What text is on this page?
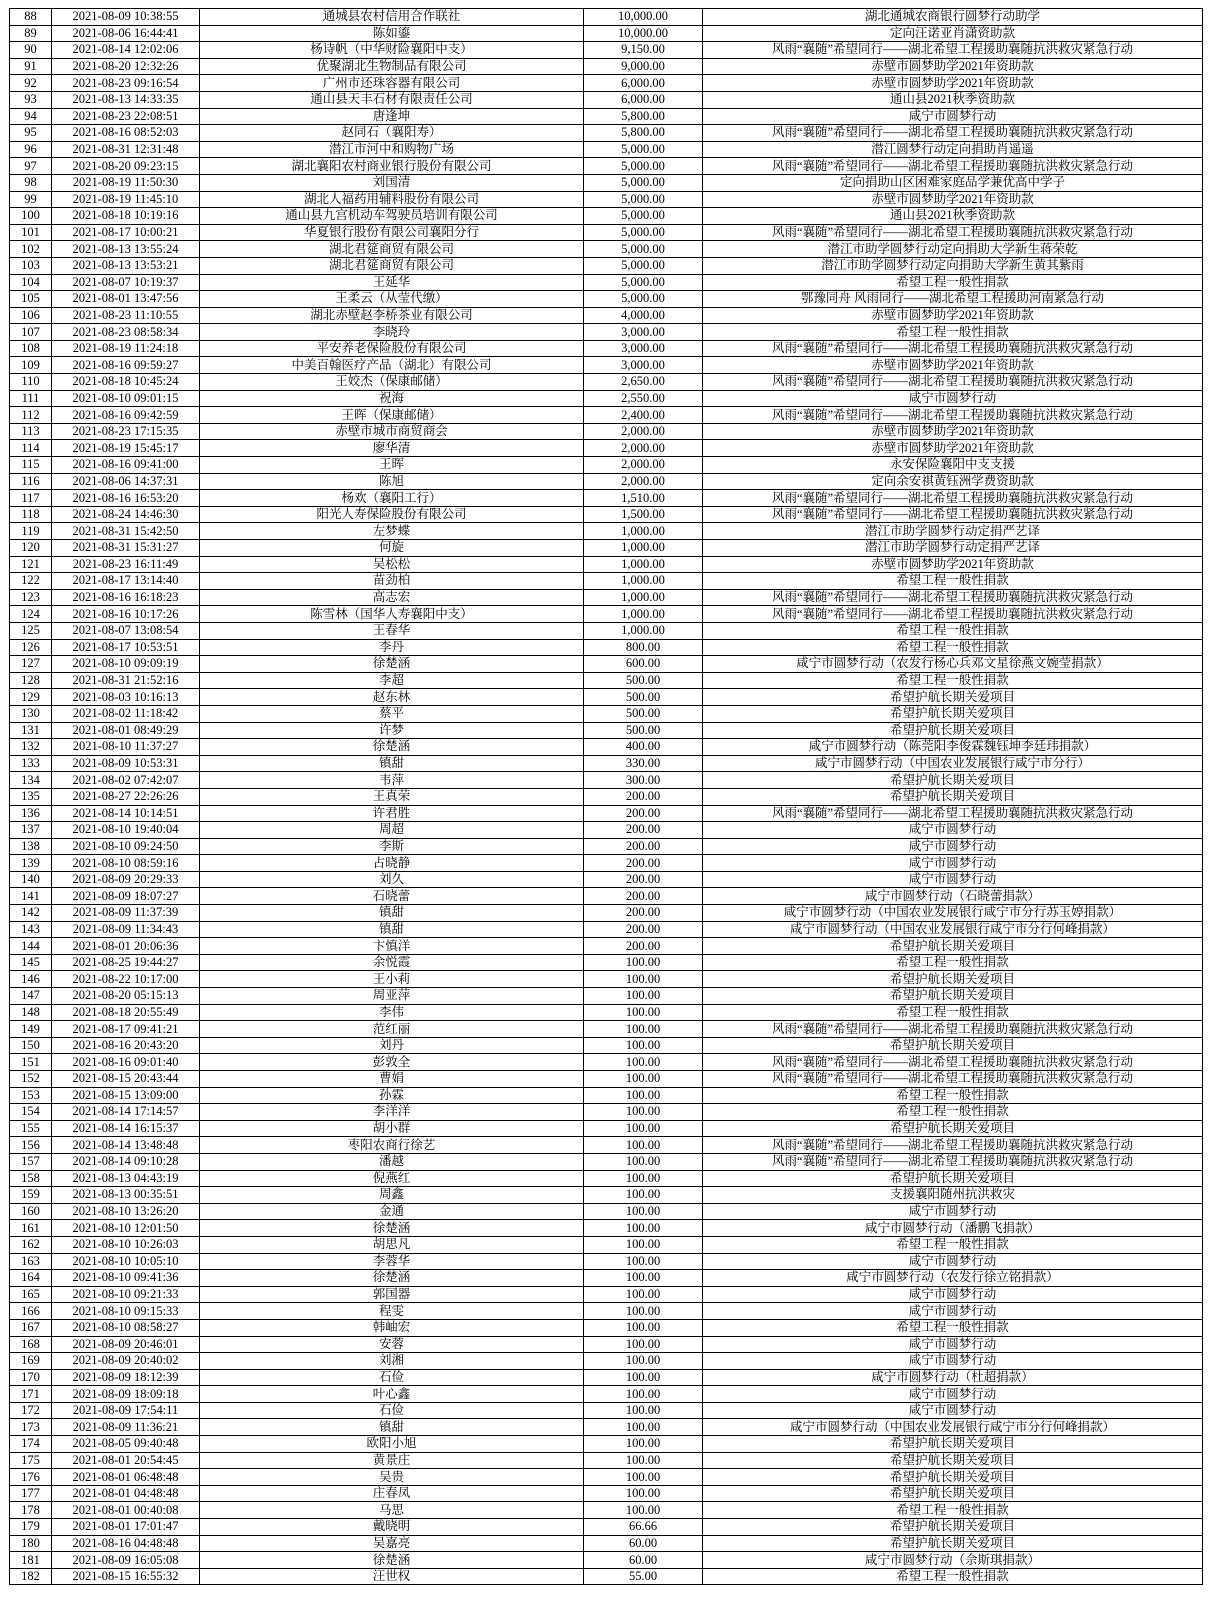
88	2021-08-09 10:38:55	通城县农村信用合作联社	10,000.00	湖北通城农商银行圆梦行动助学
89	2021-08-06 16:44:41	陈如鎏	10,000.00	定向汪诺亚肖潇资助款
90	2021-08-14 12:02:06	杨诗帆（中华财险襄阳中支）	9,150.00	风雨“襄随”希望同行——湖北希望工程援助襄随抗洪救灾紧急行动
91	2021-08-20 12:32:26	优聚湖北生物制品有限公司	9,000.00	赤壁市圆梦助学2021年资助款
92	2021-08-23 09:16:54	广州市还珠容器有限公司	6,000.00	赤壁市圆梦助学2021年资助款
93	2021-08-13 14:33:35	通山县天丰石材有限责任公司	6,000.00	通山县2021秋季资助款
94	2021-08-23 22:08:51	唐逢坤	5,800.00	咸宁市圆梦行动
95	2021-08-16 08:52:03	赵同石（襄阳寿）	5,800.00	风雨“襄随”希望同行——湖北希望工程援助襄随抗洪救灾紧急行动
96	2021-08-31 12:31:48	潜江市河中和购物广场	5,000.00	潜江圆梦行动定向捐助肖遥遥
97	2021-08-20 09:23:15	湖北襄阳农村商业银行股份有限公司	5,000.00	风雨“襄随”希望同行——湖北希望工程援助襄随抗洪救灾紧急行动
98	2021-08-19 11:50:30	刘国清	5,000.00	定向捐助山区困难家庭品学兼优高中学子
99	2021-08-19 11:45:10	湖北人福药用辅料股份有限公司	5,000.00	赤壁市圆梦助学2021年资助款
100	2021-08-18 10:19:16	通山县九宫机动车驾驶员培训有限公司	5,000.00	通山县2021秋季资助款
101	2021-08-17 10:00:21	华夏银行股份有限公司襄阳分行	5,000.00	风雨“襄随”希望同行——湖北希望工程援助襄随抗洪救灾紧急行动
102	2021-08-13 13:55:24	湖北君筵商贸有限公司	5,000.00	潜江市助学圆梦行动定向捐助大学新生蒋荣乾
103	2021-08-13 13:53:21	湖北君筵商贸有限公司	5,000.00	潜江市助学圆梦行动定向捐助大学新生黄其紫雨
104	2021-08-07 10:19:37	王延华	5,000.00	希望工程一般性捐款
105	2021-08-01 13:47:56	王柔云（从莹代缴）	5,000.00	鄂豫同舟 风雨同行——湖北希望工程援助河南紧急行动
106	2021-08-23 11:10:55	湖北赤壁赵李桥茶业有限公司	4,000.00	赤壁市圆梦助学2021年资助款
107	2021-08-23 08:58:34	李晓玲	3,000.00	希望工程一般性捐款
108	2021-08-19 11:24:18	平安养老保险股份有限公司	3,000.00	风雨“襄随”希望同行——湖北希望工程援助襄随抗洪救灾紧急行动
109	2021-08-16 09:59:27	中美百翰医疗产品（湖北）有限公司	3,000.00	赤壁市圆梦助学2021年资助款
110	2021-08-18 10:45:24	王姣杰（保康邮储）	2,650.00	风雨“襄随”希望同行——湖北希望工程援助襄随抗洪救灾紧急行动
111	2021-08-10 09:01:15	祝海	2,550.00	咸宁市圆梦行动
112	2021-08-16 09:42:59	王晖（保康邮储）	2,400.00	风雨“襄随”希望同行——湖北希望工程援助襄随抗洪救灾紧急行动
113	2021-08-23 17:15:35	赤壁市城市商贸商会	2,000.00	赤壁市圆梦助学2021年资助款
114	2021-08-19 15:45:17	廖华清	2,000.00	赤壁市圆梦助学2021年资助款
115	2021-08-16 09:41:00	王晖	2,000.00	永安保险襄阳中支支援
116	2021-08-06 14:37:31	陈旭	2,000.00	定向余安祺黄钰洲学费资助款
117	2021-08-16 16:53:20	杨欢（襄阳工行）	1,510.00	风雨“襄随”希望同行——湖北希望工程援助襄随抗洪救灾紧急行动
118	2021-08-24 14:46:30	阳光人寿保险股份有限公司	1,500.00	风雨“襄随”希望同行——湖北希望工程援助襄随抗洪救灾紧急行动
119	2021-08-31 15:42:50	左梦蝶	1,000.00	潜江市助学圆梦行动定捐严艺译
120	2021-08-31 15:31:27	何旋	1,000.00	潜江市助学圆梦行动定捐严艺译
121	2021-08-23 16:11:49	吴松松	1,000.00	赤壁市圆梦助学2021年资助款
122	2021-08-17 13:14:40	苗劲柏	1,000.00	希望工程一般性捐款
123	2021-08-16 16:18:23	高志宏	1,000.00	风雨“襄随”希望同行——湖北希望工程援助襄随抗洪救灾紧急行动
124	2021-08-16 10:17:26	陈雪林（国华人寿襄阳中支）	1,000.00	风雨“襄随”希望同行——湖北希望工程援助襄随抗洪救灾紧急行动
125	2021-08-07 13:08:54	王春华	1,000.00	希望工程一般性捐款
126	2021-08-17 10:53:51	李丹	800.00	希望工程一般性捐款
127	2021-08-10 09:09:19	徐楚涵	600.00	咸宁市圆梦行动（农发行杨心兵邓文星徐燕文婉莹捐款）
128	2021-08-31 21:52:16	李超	500.00	希望工程一般性捐款
129	2021-08-03 10:16:13	赵东林	500.00	希望护航长期关爱项目
130	2021-08-02 11:18:42	蔡平	500.00	希望护航长期关爱项目
131	2021-08-01 08:49:29	许梦	500.00	希望护航长期关爱项目
132	2021-08-10 11:37:27	徐楚涵	400.00	咸宁市圆梦行动（陈莞阳李俊霖魏钰坤李廷玮捐款）
133	2021-08-09 10:53:31	镇甜	330.00	咸宁市圆梦行动（中国农业发展银行咸宁市分行）
134	2021-08-02 07:42:07	韦萍	300.00	希望护航长期关爱项目
135	2021-08-27 22:26:26	王真荣	200.00	希望护航长期关爱项目
136	2021-08-14 10:14:51	许君胜	200.00	风雨“襄随”希望同行——湖北希望工程援助襄随抗洪救灾紧急行动
137	2021-08-10 19:40:04	周超	200.00	咸宁市圆梦行动
138	2021-08-10 09:24:50	李斯	200.00	咸宁市圆梦行动
139	2021-08-10 08:59:16	占晓静	200.00	咸宁市圆梦行动
140	2021-08-09 20:29:33	刘久	200.00	咸宁市圆梦行动
141	2021-08-09 18:07:27	石晓蕾	200.00	咸宁市圆梦行动（石晓蕾捐款）
142	2021-08-09 11:37:39	镇甜	200.00	咸宁市圆梦行动（中国农业发展银行咸宁市分行苏玉婷捐款）
143	2021-08-09 11:34:43	镇甜	200.00	咸宁市圆梦行动（中国农业发展银行咸宁市分行何峰捐款）
144	2021-08-01 20:06:36	卞慎洋	200.00	希望护航长期关爱项目
145	2021-08-25 19:44:27	余悦霞	100.00	希望工程一般性捐款
146	2021-08-22 10:17:00	王小莉	100.00	希望护航长期关爱项目
147	2021-08-20 05:15:13	周亚萍	100.00	希望护航长期关爱项目
148	2021-08-18 20:55:49	李伟	100.00	希望工程一般性捐款
149	2021-08-17 09:41:21	范红丽	100.00	风雨“襄随”希望同行——湖北希望工程援助襄随抗洪救灾紧急行动
150	2021-08-16 20:43:20	刘丹	100.00	希望护航长期关爱项目
151	2021-08-16 09:01:40	彭敦全	100.00	风雨“襄随”希望同行——湖北希望工程援助襄随抗洪救灾紧急行动
152	2021-08-15 20:43:44	曹娟	100.00	风雨“襄随”希望同行——湖北希望工程援助襄随抗洪救灾紧急行动
153	2021-08-15 13:09:00	孙霖	100.00	希望工程一般性捐款
154	2021-08-14 17:14:57	李洋洋	100.00	希望工程一般性捐款
155	2021-08-14 16:15:37	胡小群	100.00	希望护航长期关爱项目
156	2021-08-14 13:48:48	枣阳农商行徐艺	100.00	风雨“襄随”希望同行——湖北希望工程援助襄随抗洪救灾紧急行动
157	2021-08-14 09:10:28	潘越	100.00	风雨“襄随”希望同行——湖北希望工程援助襄随抗洪救灾紧急行动
158	2021-08-13 04:43:19	倪燕红	100.00	希望护航长期关爱项目
159	2021-08-13 00:35:51	周鑫	100.00	支援襄阳随州抗洪救灾
160	2021-08-10 13:26:20	金通	100.00	咸宁市圆梦行动
161	2021-08-10 12:01:50	徐楚涵	100.00	咸宁市圆梦行动（潘鹏飞捐款）
162	2021-08-10 10:26:03	胡思凡	100.00	希望工程一般性捐款
163	2021-08-10 10:05:10	李蓉华	100.00	咸宁市圆梦行动
164	2021-08-10 09:41:36	徐楚涵	100.00	咸宁市圆梦行动（农发行徐立铭捐款）
165	2021-08-10 09:21:33	郭国器	100.00	咸宁市圆梦行动
166	2021-08-10 09:15:33	程雯	100.00	咸宁市圆梦行动
167	2021-08-10 08:58:27	韩岫宏	100.00	希望工程一般性捐款
168	2021-08-09 20:46:01	安蓉	100.00	咸宁市圆梦行动
169	2021-08-09 20:40:02	刘湘	100.00	咸宁市圆梦行动
170	2021-08-09 18:12:39	石俭	100.00	咸宁市圆梦行动（杜超捐款）
171	2021-08-09 18:09:18	叶心鑫	100.00	咸宁市圆梦行动
172	2021-08-09 17:54:11	石俭	100.00	咸宁市圆梦行动
173	2021-08-09 11:36:21	镇甜	100.00	咸宁市圆梦行动（中国农业发展银行咸宁市分行何峰捐款）
174	2021-08-05 09:40:48	欧阳小旭	100.00	希望护航长期关爱项目
175	2021-08-01 20:54:45	黄景庄	100.00	希望护航长期关爱项目
176	2021-08-01 06:48:48	吴贵	100.00	希望护航长期关爱项目
177	2021-08-01 04:48:48	庄春凤	100.00	希望护航长期关爱项目
178	2021-08-01 00:40:08	马思	100.00	希望工程一般性捐款
179	2021-08-01 17:01:47	戴晓明	66.66	希望护航长期关爱项目
180	2021-08-16 04:48:48	吴嘉亮	60.00	希望护航长期关爱项目
181	2021-08-09 16:05:08	徐楚涵	60.00	咸宁市圆梦行动（佘斯琪捐款）
182	2021-08-15 16:55:32	汪世权	55.00	希望工程一般性捐款
